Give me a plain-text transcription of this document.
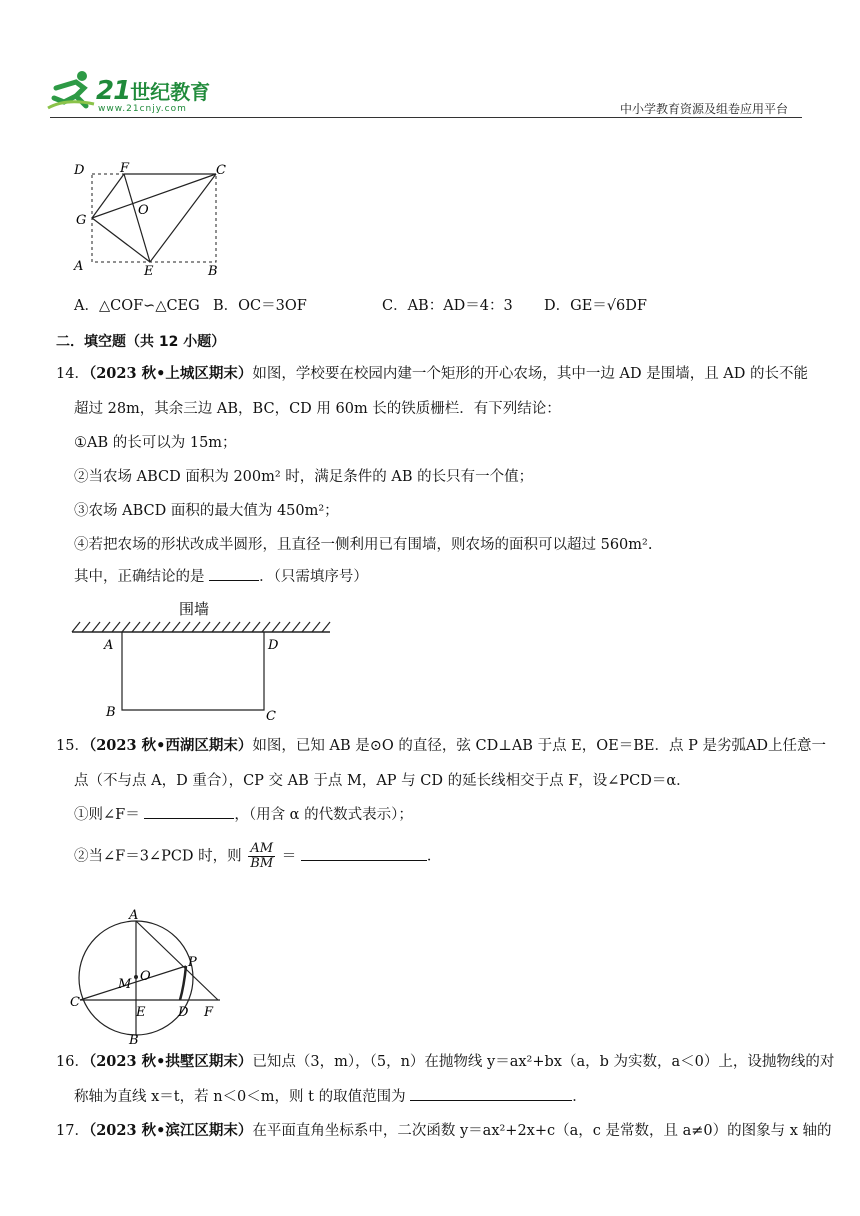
21世纪教育
www.21cnjy.com	中小学教育资源及组卷应用平台
D	F	C
O
G
A	E	B
A．△COF∽△CEG B．OC＝3OF	C．AB：AD＝4：3 D．GE＝√6DF
二．填空题（共 12 小题）
14．（2023 秋•上城区期末）如图，学校要在校园内建一个矩形的开心农场，其中一边 AD 是围墙，且 AD 的长不能
超过 28m，其余三边 AB，BC，CD 用 60m 长的铁质栅栏．有下列结论：
①AB 的长可以为 15m；
②当农场 ABCD 面积为 200m² 时，满足条件的 AB 的长只有一个值；
③农场 ABCD 面积的最大值为 450m²；
④若把农场的形状改成半圆形，且直径一侧利用已有围墙，则农场的面积可以超过 560m².
其中，正确结论的是	．（只需填序号）
围墙
A	D
B	C
15．（2023 秋•西湖区期末）如图，已知 AB 是⊙O 的直径，弦 CD⊥AB 于点 E，OE＝BE．点 P 是劣弧AD上任意一
点（不与点 A，D 重合），CP 交 AB 于点 M，AP 与 CD 的延长线相交于点 F，设∠PCD＝α．
①则∠F＝	，（用含 α 的代数式表示）；
②当∠F＝3∠PCD 时，则 $\frac{AM}{BM}$ ＝	．
A
M
O
P
C
E	D F
B
16．（2023 秋•拱墅区期末）已知点（3，m），（5，n）在抛物线 y＝ax²+bx（a，b 为实数，a＜0）上，设抛物线的对
称轴为直线 x＝t，若 n＜0＜m，则 t 的取值范围为	．
17．（2023 秋•滨江区期末）在平面直角坐标系中，二次函数 y＝ax²+2x+c（a，c 是常数，且 a≠0）的图象与 x 轴的
